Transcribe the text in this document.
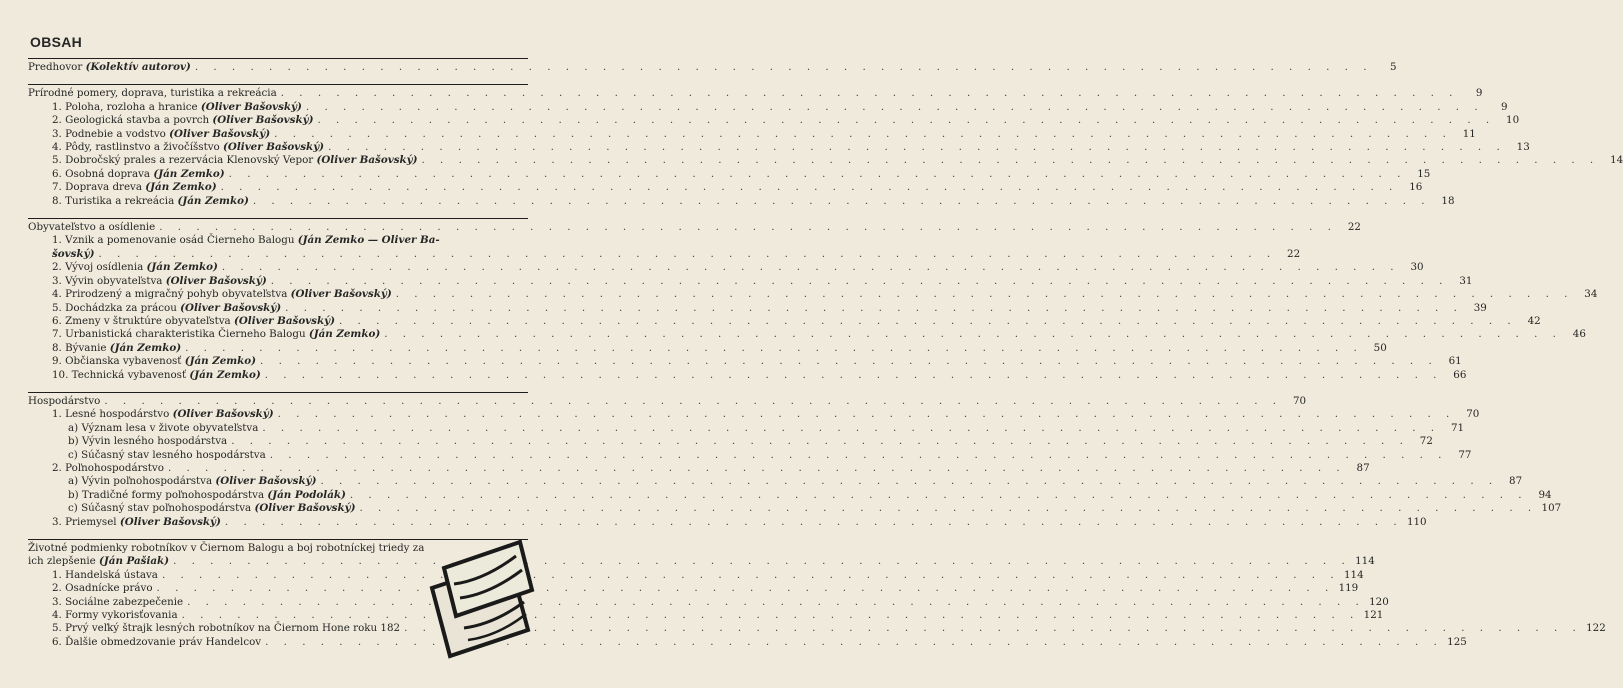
OBSAH
Predhovor (Kolektív autorov) . . .	5
Prírodné pomery, doprava, turistika a rekreácia . . .	9
1. Poloha, rozloha a hranice (Oliver Bašovský) . . .	9
2. Geologická stavba a povrch (Oliver Bašovský) . . .	10
3. Podnebie a vodstvo (Oliver Bašovský) . . .	11
4. Pôdy, rastlinstvo a živočíšstvo (Oliver Bašovský) . . .	13
5. Dobročský prales a rezervácia Klenovský Vepor (Oliver Bašovský) . . .	14
6. Osobná doprava (Ján Zemko) . . .	15
7. Doprava dreva (Ján Zemko) . . .	16
8. Turistika a rekreácia (Ján Zemko) . . .	18
Obyvateľstvo a osídlenie . . .	22
1. Vznik a pomenovanie osád Čierneho Balogu (Ján Zemko — Oliver Ba-
šovský) . . .	22
2. Vývoj osídlenia (Ján Zemko) . . .	30
3. Vývin obyvateľstva (Oliver Bašovský) . . .	31
4. Prirodzený a migračný pohyb obyvateľstva (Oliver Bašovský) . . .	34
5. Dochádzka za prácou (Oliver Bašovský) . . .	39
6. Zmeny v štruktúre obyvateľstva (Oliver Bašovský) . . .	42
7. Urbanistická charakteristika Čierneho Balogu (Ján Zemko) . . .	46
8. Bývanie (Ján Zemko) . . .	50
9. Občianska vybavenosť (Ján Zemko) . . .	61
10. Technická vybavenosť (Ján Zemko) . . .	66
Hospodárstvo . . .	70
1. Lesné hospodárstvo (Oliver Bašovský) . . .	70
a) Význam lesa v živote obyvateľstva . . .	71
b) Vývin lesného hospodárstva . . .	72
c) Súčasný stav lesného hospodárstva . . .	77
2. Poľnohospodárstvo . . .	87
a) Vývin poľnohospodárstva (Oliver Bašovský) . . .	87
b) Tradičné formy poľnohospodárstva (Ján Podolák) . . .	94
c) Súčasný stav poľnohospodárstva (Oliver Bašovský) . . .	107
3. Priemysel (Oliver Bašovský) . . .	110
Životné podmienky robotníkov v Čiernom Balogu a boj robotníckej triedy za
ich zlepšenie (Ján Pašiak) . . .	114
1. Handelská ústava . . .	114
2. Osadnícke právo . . .	119
3. Sociálne zabezpečenie . . .	120
4. Formy vykorisťovania . . .	121
5. Prvý veľký štrajk lesných robotníkov na Čiernom Hone roku 182 . . .	122
6. Ďalšie obmedzovanie práv Handelcov . . .	125
